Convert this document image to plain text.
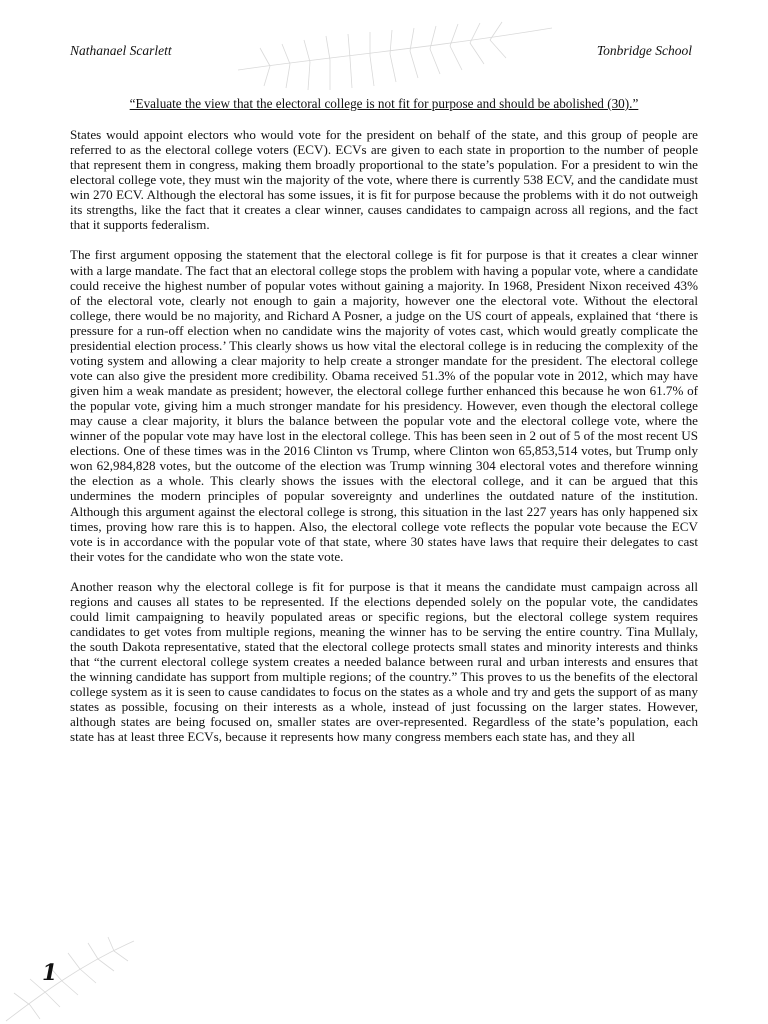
Nathanael Scarlett	Tonbridge School
“Evaluate the view that the electoral college is not fit for purpose and should be abolished (30).”

States would appoint electors who would vote for the president on behalf of the state, and this group of people are referred to as the electoral college voters (ECV). ECVs are given to each state in proportion to the number of people that represent them in congress, making them broadly proportional to the state’s population. For a president to win the electoral college vote, they must win the majority of the vote, where there is currently 538 ECV, and the candidate must win 270 ECV. Although the electoral has some issues, it is fit for purpose because the problems with it do not outweigh its strengths, like the fact that it creates a clear winner, causes candidates to campaign across all regions, and the fact that it supports federalism.

The first argument opposing the statement that the electoral college is fit for purpose is that it creates a clear winner with a large mandate. The fact that an electoral college stops the problem with having a popular vote, where a candidate could receive the highest number of popular votes without gaining a majority. In 1968, President Nixon received 43% of the electoral vote, clearly not enough to gain a majority, however one the electoral vote. Without the electoral college, there would be no majority, and Richard A Posner, a judge on the US court of appeals, explained that ‘there is pressure for a run-off election when no candidate wins the majority of votes cast, which would greatly complicate the presidential election process.’ This clearly shows us how vital the electoral college is in reducing the complexity of the voting system and allowing a clear majority to help create a stronger mandate for the president. The electoral college vote can also give the president more credibility. Obama received 51.3% of the popular vote in 2012, which may have given him a weak mandate as president; however, the electoral college further enhanced this because he won 61.7% of the popular vote, giving him a much stronger mandate for his presidency. However, even though the electoral college may cause a clear majority, it blurs the balance between the popular vote and the electoral college vote, where the winner of the popular vote may have lost in the electoral college. This has been seen in 2 out of 5 of the most recent US elections. One of these times was in the 2016 Clinton vs Trump, where Clinton won 65,853,514 votes, but Trump only won 62,984,828 votes, but the outcome of the election was Trump winning 304 electoral votes and therefore winning the election as a whole. This clearly shows the issues with the electoral college, and it can be argued that this undermines the modern principles of popular sovereignty and underlines the outdated nature of the institution. Although this argument against the electoral college is strong, this situation in the last 227 years has only happened six times, proving how rare this is to happen. Also, the electoral college vote reflects the popular vote because the ECV vote is in accordance with the popular vote of that state, where 30 states have laws that require their delegates to cast their votes for the candidate who won the state vote.

Another reason why the electoral college is fit for purpose is that it means the candidate must campaign across all regions and causes all states to be represented. If the elections depended solely on the popular vote, the candidates could limit campaigning to heavily populated areas or specific regions, but the electoral college system requires candidates to get votes from multiple regions, meaning the winner has to be serving the entire country. Tina Mullaly, the south Dakota representative, stated that the electoral college protects small states and minority interests and thinks that “the current electoral college system creates a needed balance between rural and urban interests and ensures that the winning candidate has support from multiple regions; of the country.” This proves to us the benefits of the electoral college system as it is seen to cause candidates to focus on the states as a whole and try and gets the support of as many states as possible, focusing on their interests as a whole, instead of just focussing on the larger states. However, although states are being focused on, smaller states are over-represented. Regardless of the state’s population, each state has at least three ECVs, because it represents how many congress members each state has, and they all

1
